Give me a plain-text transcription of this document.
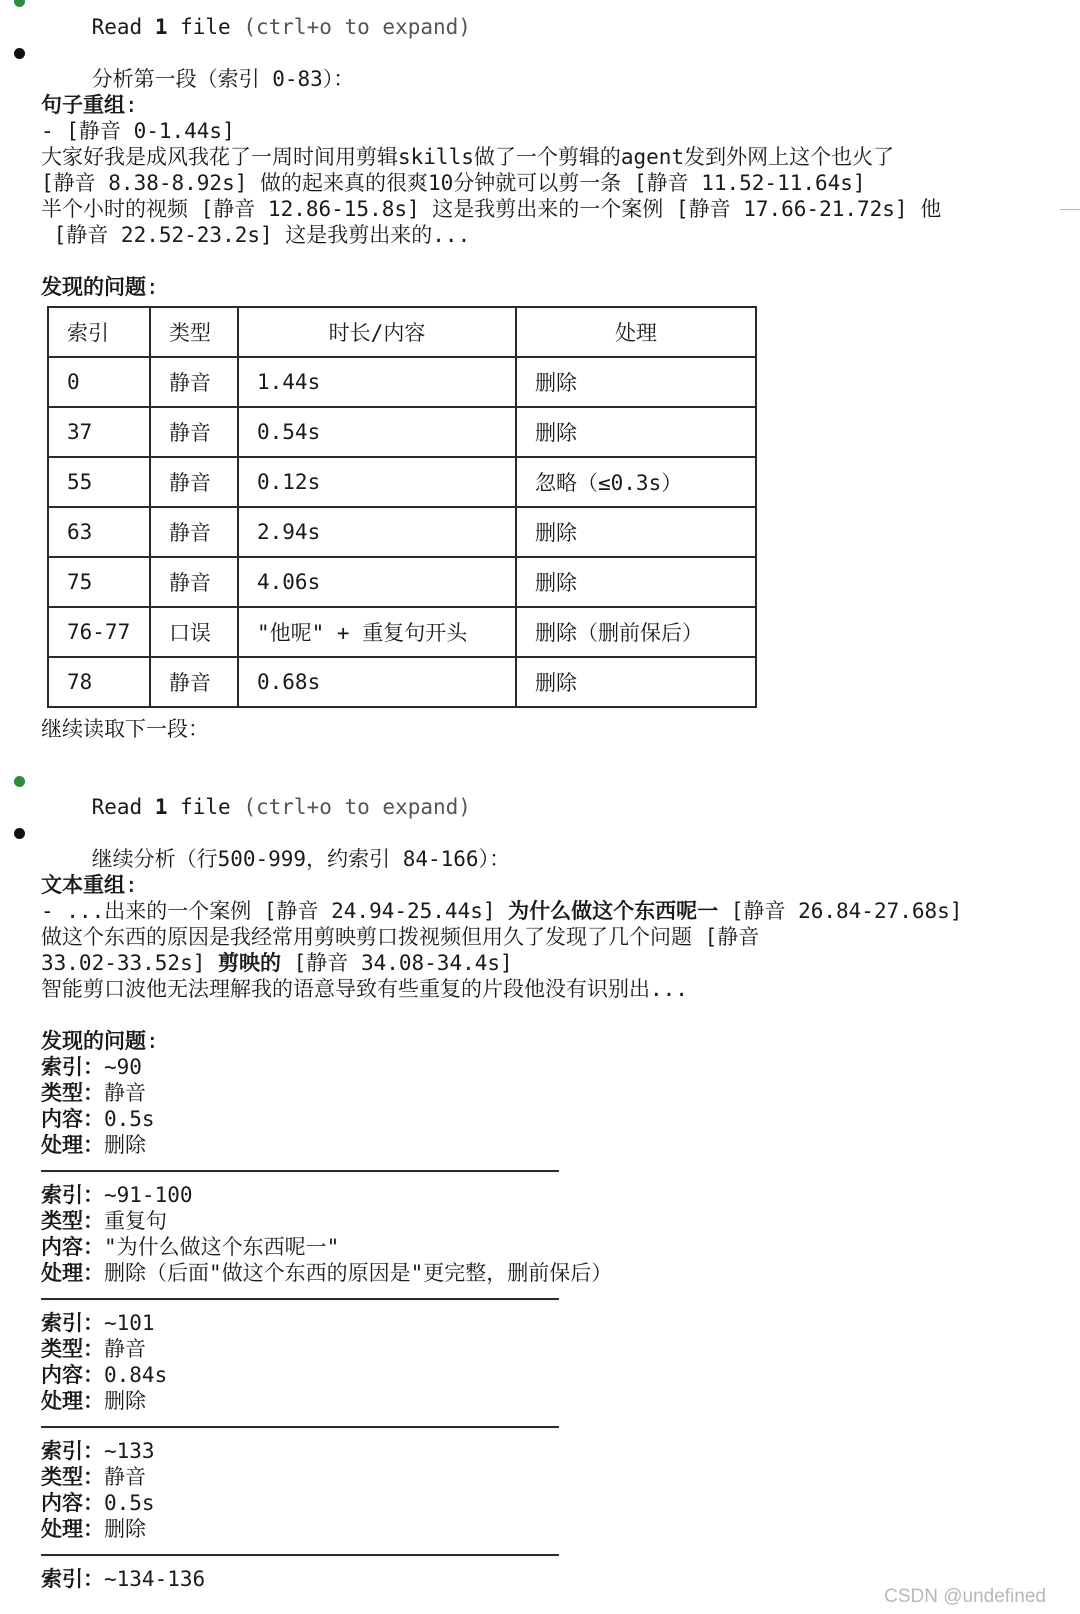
Read 1 file (ctrl+o to expand)

分析第一段（索引 0-83）：

句子重组:
- [静音 0-1.44s]
大家好我是成风我花了一周时间用剪辑skills做了一个剪辑的agent发到外网上这个也火了
[静音 8.38-8.92s] 做的起来真的很爽10分钟就可以剪一条 [静音 11.52-11.64s]
半个小时的视频 [静音 12.86-15.8s] 这是我剪出来的一个案例 [静音 17.66-21.72s] 他
[静音 22.52-23.2s] 这是我剪出来的...
发现的问题:
索引	类型	时长/内容	处理
0	静音	1.44s	删除
37	静音	0.54s	删除
55	静音	0.12s	忽略（≤0.3s）
63	静音	2.94s	删除
75	静音	4.06s	删除
76-77	口误	"他呢" + 重复句开头	删除（删前保后）
78	静音	0.68s	删除
继续读取下一段：

Read 1 file (ctrl+o to expand)

继续分析（行500-999，约索引 84-166）：

文本重组:
- ...出来的一个案例 [静音 24.94-25.44s] 为什么做这个东西呢一 [静音 26.84-27.68s]
做这个东西的原因是我经常用剪映剪口拨视频但用久了发现了几个问题 [静音
33.02-33.52s] 剪映的 [静音 34.08-34.4s]
智能剪口波他无法理解我的语意导致有些重复的片段他没有识别出...
发现的问题:
索引：~90
类型：静音
内容：0.5s
处理：删除
索引：~91-100
类型：重复句
内容："为什么做这个东西呢一"
处理：删除（后面"做这个东西的原因是"更完整，删前保后）
索引：~101
类型：静音
内容：0.84s
处理：删除
索引：~133
类型：静音
内容：0.5s
处理：删除
索引：~134-136
CSDN @undefined
